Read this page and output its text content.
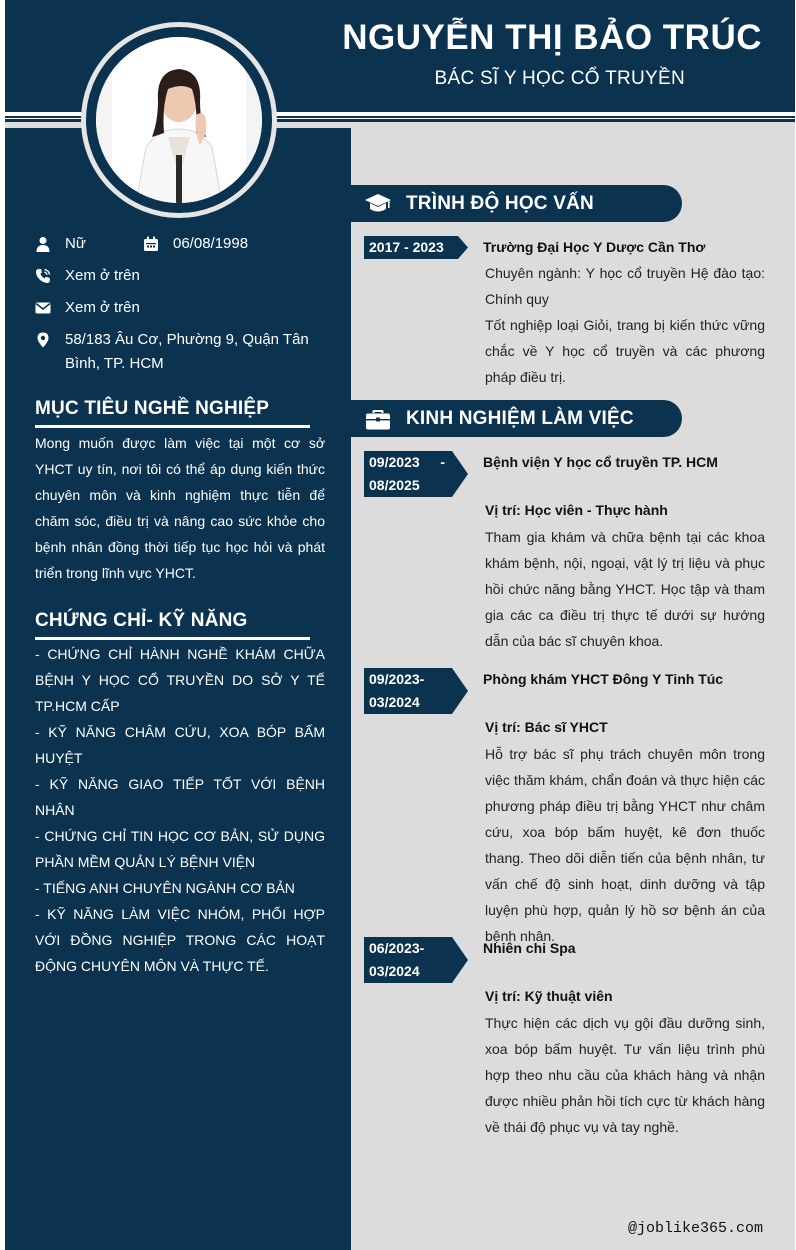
NGUYỄN THỊ BẢO TRÚC
BÁC SĨ Y HỌC CỔ TRUYỀN
Nữ	06/08/1998
Xem ở trên
Xem ở trên
58/183 Âu Cơ, Phường 9, Quận Tân Bình, TP. HCM
MỤC TIÊU NGHỀ NGHIỆP
Mong muốn được làm việc tại một cơ sở YHCT uy tín, nơi tôi có thể áp dụng kiến thức chuyên môn và kinh nghiệm thực tiễn để chăm sóc, điều trị và nâng cao sức khỏe cho bệnh nhân đồng thời tiếp tục học hỏi và phát triển trong lĩnh vực YHCT.
CHỨNG CHỈ- KỸ NĂNG
- CHỨNG CHỈ HÀNH NGHỀ KHÁM CHỮA BỆNH Y HỌC CỔ TRUYỀN DO SỞ Y TẾ TP.HCM CẤP
- KỸ NĂNG CHÂM CỨU, XOA BÓP BẤM HUYỆT
- KỸ NĂNG GIAO TIẾP TỐT VỚI BỆNH NHÂN
- CHỨNG CHỈ TIN HỌC CƠ BẢN, SỬ DỤNG PHẦN MỀM QUẢN LÝ BỆNH VIỆN
- TIẾNG ANH CHUYÊN NGÀNH CƠ BẢN
- KỸ NĂNG LÀM VIỆC NHÓM, PHỐI HỢP VỚI ĐỒNG NGHIỆP TRONG CÁC HOẠT ĐỘNG CHUYÊN MÔN VÀ THỰC TẾ.
TRÌNH ĐỘ HỌC VẤN
2017 - 2023	Trường Đại Học Y Dược Cần Thơ
Chuyên ngành: Y học cổ truyền Hệ đào tạo: Chính quy
Tốt nghiệp loại Giỏi, trang bị kiến thức vững chắc về Y học cổ truyền và các phương pháp điều trị.
KINH NGHIỆM LÀM VIỆC
09/2023 -
08/2025
Bệnh viện Y học cổ truyền TP. HCM
Vị trí: Học viên - Thực hành
Tham gia khám và chữa bệnh tại các khoa khám bệnh, nội, ngoại, vật lý trị liệu và phục hồi chức năng bằng YHCT. Học tập và tham gia các ca điều trị thực tế dưới sự hướng dẫn của bác sĩ chuyên khoa.
09/2023-
03/2024
Phòng khám YHCT Đông Y Tinh Túc
Vị trí: Bác sĩ YHCT
Hỗ trợ bác sĩ phụ trách chuyên môn trong việc thăm khám, chẩn đoán và thực hiện các phương pháp điều trị bằng YHCT như châm cứu, xoa bóp bấm huyệt, kê đơn thuốc thang. Theo dõi diễn tiến của bệnh nhân, tư vấn chế độ sinh hoạt, dinh dưỡng và tập luyện phù hợp, quản lý hồ sơ bệnh án của bệnh nhân.
06/2023-
03/2024
Nhiên chi Spa
Vị trí: Kỹ thuật viên
Thực hiện các dịch vụ gội đầu dưỡng sinh, xoa bóp bấm huyệt. Tư vấn liệu trình phù hợp theo nhu cầu của khách hàng và nhận được nhiều phản hồi tích cực từ khách hàng về thái độ phục vụ và tay nghề.
@joblike365.com
